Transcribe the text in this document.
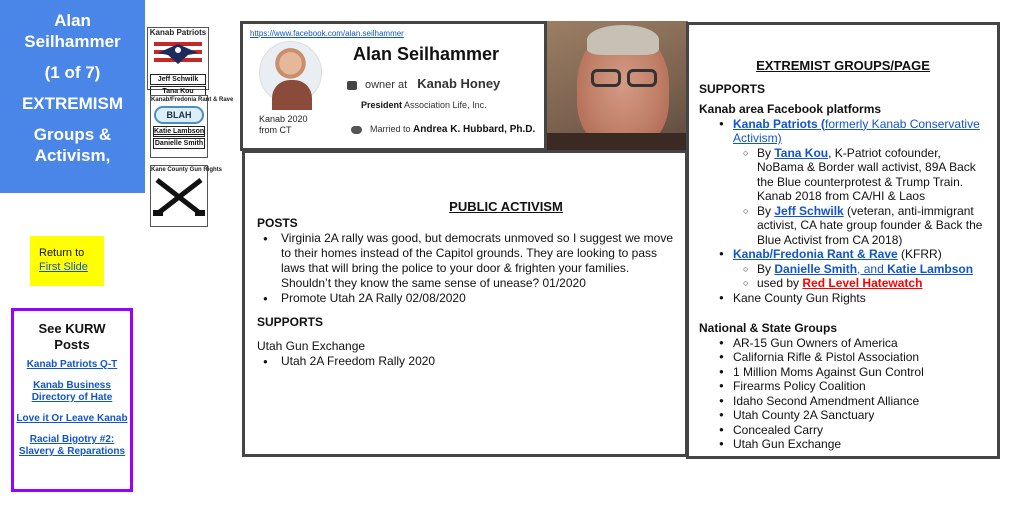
Alan
Seilhammer
(1 of 7)
EXTREMISM
Groups &
Activism,
Kanab Patriots
Jeff Schwilk
Tana Kou
Kanab/Fredonia Rant & Rave
BLAH
Katie Lambson
Danielle Smith
Kane County Gun Rights
Return to
First Slide
See KURW
Posts
Kanab Patriots Q-T
Kanab Business Directory of Hate
Love it Or Leave Kanab
Racial Bigotry #2: Slavery & Reparations
https://www.facebook.com/alan.seilhammer
Alan Seilhammer
owner at Kanab Honey
President Association Life, Inc.
Kanab 2020
from CT	Married to Andrea K. Hubbard, Ph.D.
PUBLIC ACTIVISM
POSTS
● Virginia 2A rally was good, but democrats unmoved so I suggest we move to their homes instead of the Capitol grounds. They are looking to pass laws that will bring the police to your door & frighten your families. Shouldn’t they know the same sense of unease? 01/2020
● Promote Utah 2A Rally 02/08/2020
SUPPORTS
Utah Gun Exchange
● Utah 2A Freedom Rally 2020
EXTREMIST GROUPS/PAGE
SUPPORTS
Kanab area Facebook platforms
● Kanab Patriots (formerly Kanab Conservative Activism)
○ By Tana Kou, K-Patriot cofounder, NoBama & Border wall activist, 89A Back the Blue counterprotest & Trump Train. Kanab 2018 from CA/HI & Laos
○ By Jeff Schwilk (veteran, anti-immigrant activist, CA hate group founder & Back the Blue Activist from CA 2018)
● Kanab/Fredonia Rant & Rave (KFRR)
○ By Danielle Smith, and Katie Lambson
○ used by Red Level Hatewatch
● Kane County Gun Rights
National & State Groups
● AR-15 Gun Owners of America
● California Rifle & Pistol Association
● 1 Million Moms Against Gun Control
● Firearms Policy Coalition
● Idaho Second Amendment Alliance
● Utah County 2A Sanctuary
● Concealed Carry
● Utah Gun Exchange
